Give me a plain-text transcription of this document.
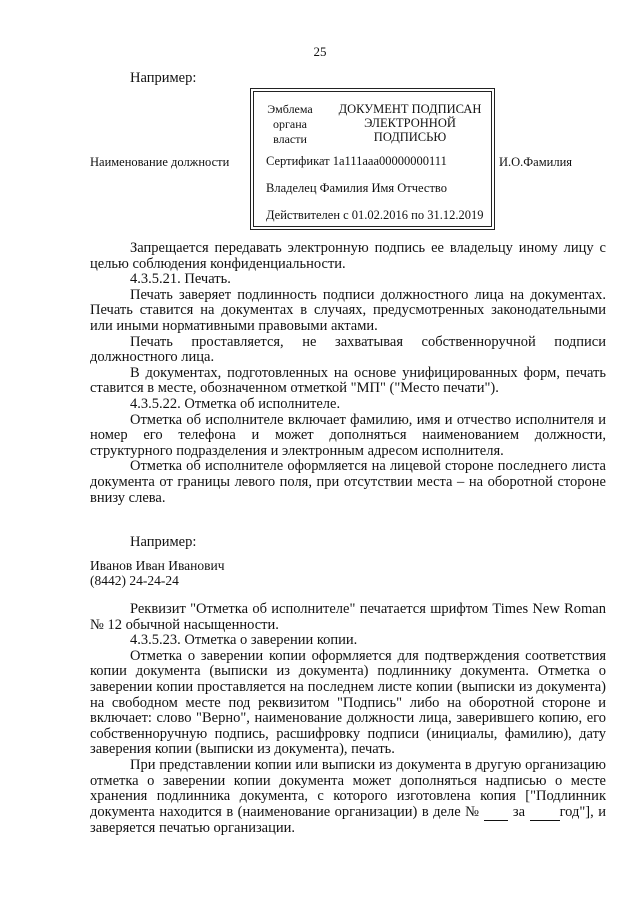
25
Например:
Эмблема
органа
власти
ДОКУМЕНТ ПОДПИСАН
ЭЛЕКТРОННОЙ
ПОДПИСЬЮ
Сертификат 1a111aaa00000000111
Владелец Фамилия Имя Отчество
Действителен с 01.02.2016 по 31.12.2019
Наименование должности	И.О.Фамилия

Запрещается передавать электронную подпись ее владельцу иному лицу с целью соблюдения конфиденциальности.

4.3.5.21. Печать.

Печать заверяет подлинность подписи должностного лица на документах. Печать ставится на документах в случаях, предусмотренных законодательными или иными нормативными правовыми актами.

Печать проставляется, не захватывая собственноручной подписи должностного лица.

В документах, подготовленных на основе унифицированных форм, печать ставится в месте, обозначенном отметкой "МП" ("Место печати").

4.3.5.22. Отметка об исполнителе.

Отметка об исполнителе включает фамилию, имя и отчество исполнителя и номер его телефона и может дополняться наименованием должности, структурного подразделения и электронным адресом исполнителя.

Отметка об исполнителе оформляется на лицевой стороне последнего листа документа от границы левого поля, при отсутствии места – на оборотной стороне внизу слева.

Например:
Иванов Иван Иванович
(8442) 24-24-24

Реквизит "Отметка об исполнителе" печатается шрифтом Times New Roman № 12 обычной насыщенности.

4.3.5.23. Отметка о заверении копии.

Отметка о заверении копии оформляется для подтверждения соответствия копии документа (выписки из документа) подлиннику документа. Отметка о заверении копии проставляется на последнем листе копии (выписки из документа) на свободном месте под реквизитом "Подпись" либо на оборотной стороне и включает: слово "Верно", наименование должности лица, заверившего копию, его собственноручную подпись, расшифровку подписи (инициалы, фамилию), дату заверения копии (выписки из документа), печать.

При представлении копии или выписки из документа в другую организацию отметка о заверении копии документа может дополняться надписью о месте хранения подлинника документа, с которого изготовлена копия ["Подлинник документа находится в (наименование организации) в деле № за год"], и заверяется печатью организации.
